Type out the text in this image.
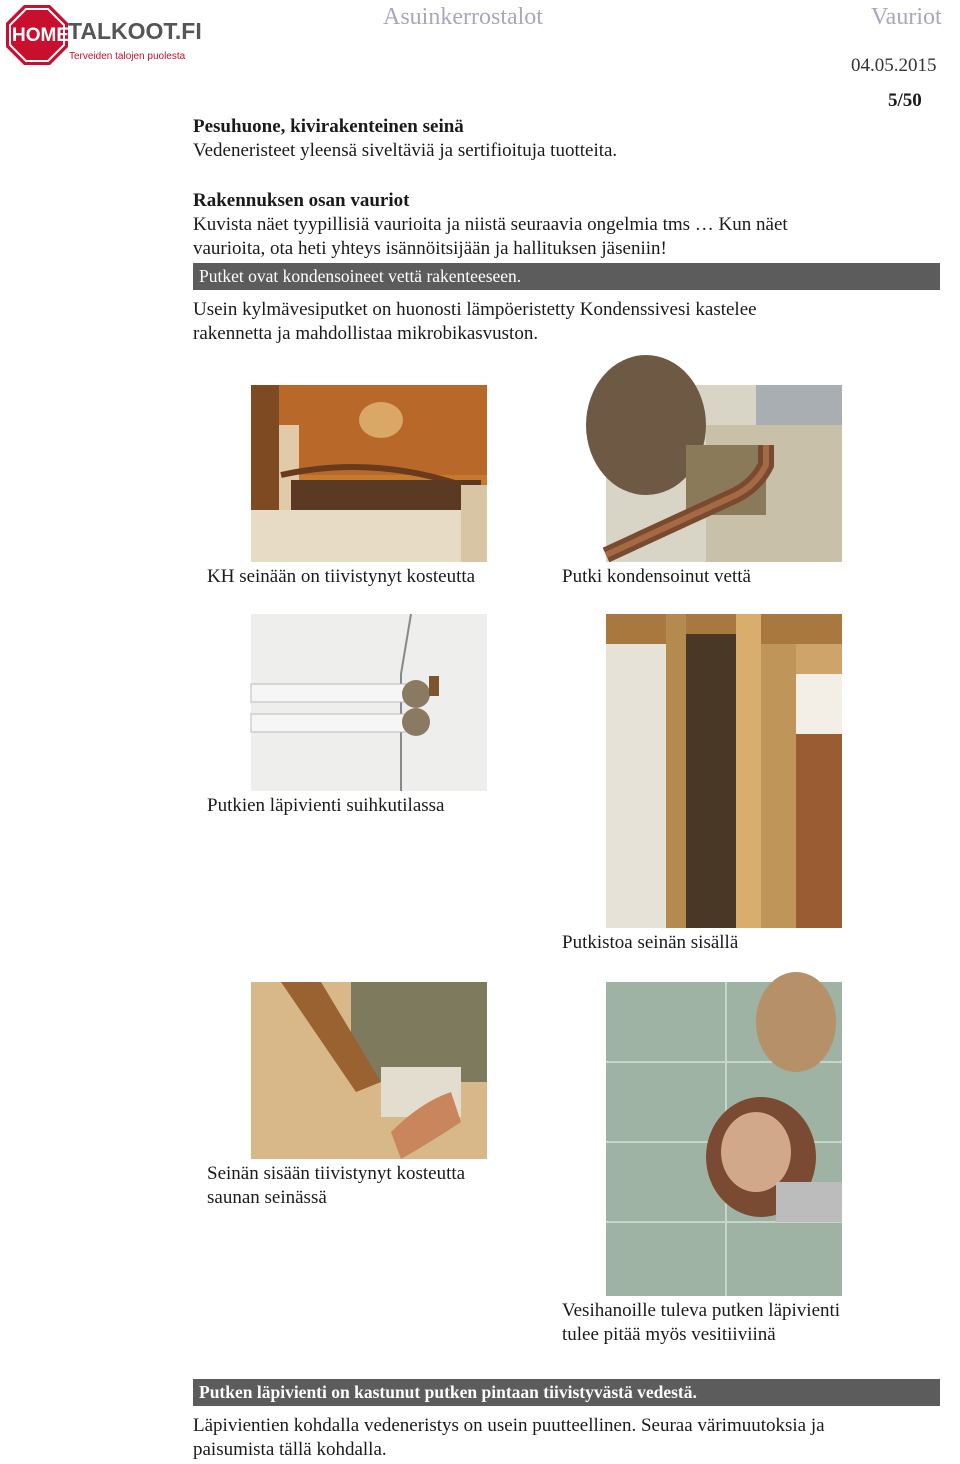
HOME TALKOOT.FI
Terveiden talojen puolesta
Asuinkerrostalot	Vauriot
04.05.2015
5/50
Pesuhuone, kivirakenteinen seinä
Vedeneristeet yleensä siveltäviä ja sertifioituja tuotteita.
Rakennuksen osan vauriot
Kuvista näet tyypillisiä vaurioita ja niistä seuraavia ongelmia tms … Kun näet
vaurioita, ota heti yhteys isännöitsijään ja hallituksen jäseniin!
Putket ovat kondensoineet vettä rakenteeseen.
Usein kylmävesiputket on huonosti lämpöeristetty Kondenssivesi kastelee
rakennetta ja mahdollistaa mikrobikasvuston.
KH seinään on tiivistynyt kosteutta	Putki kondensoinut vettä
Putkien läpivienti suihkutilassa
Putkistoa seinän sisällä
Seinän sisään tiivistynyt kosteutta
saunan seinässä
Vesihanoille tuleva putken läpivienti
tulee pitää myös vesitiiviinä
Putken läpivienti on kastunut putken pintaan tiivistyvästä vedestä.
Läpivientien kohdalla vedeneristys on usein puutteellinen. Seuraa värimuutoksia ja
paisumista tällä kohdalla.
